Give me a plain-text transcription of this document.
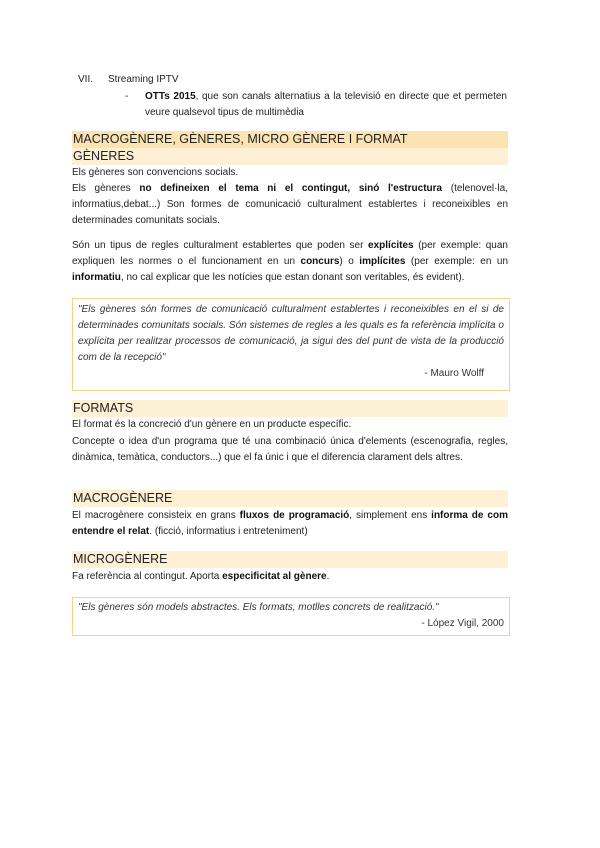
VII. Streaming IPTV
- OTTs 2015, que son canals alternatius a la televisió en directe que et permeten veure qualsevol tipus de multimèdia
MACROGÈNERE, GÈNERES, MICRO GÈNERE I FORMAT
GÈNERES
Els gèneres son convencions socials.
Els gèneres no defineixen el tema ni el contingut, sinó l'estructura (telenovel·la, informatius,debat...) Son formes de comunicació culturalment establertes i reconeixibles en determinades comunitats socials.
Són un tipus de regles culturalment establertes que poden ser explícites (per exemple: quan expliquen les normes o el funcionament en un concurs) o implícites (per exemple: en un informatiu, no cal explicar que les notícies que estan donant son veritables, és evident).
"Els gèneres són formes de comunicació culturalment establertes i reconeixibles en el si de determinades comunitats socials. Són sistemes de regles a les quals es fa referència implícita o explícita per realitzar processos de comunicació, ja sigui des del punt de vista de la producció com de la recepció"
- Mauro Wolff
FORMATS
El format és la concreció d'un gènere en un producte específic.
Concepte o idea d'un programa que té una combinació única d'elements (escenografia, regles, dinàmica, temàtica, conductors...) que el fa únic i que el diferencia clarament dels altres.
MACROGÈNERE
El macrogènere consisteix en grans fluxos de programació, simplement ens informa de com entendre el relat. (ficció, informatius i entreteniment)
MICROGÈNERE
Fa referència al contingut. Aporta especificitat al gènere.
"Els gèneres són models abstractes. Els formats, motlles concrets de realització."
- López Vigil, 2000
